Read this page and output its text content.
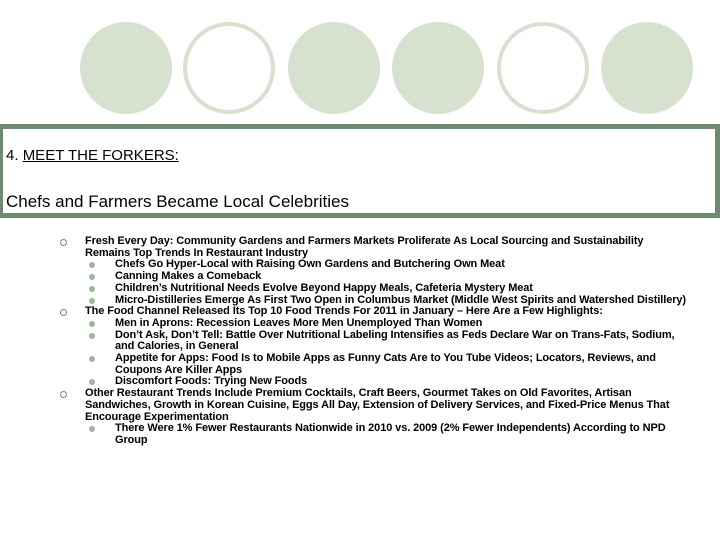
4. MEET THE FORKERS:
Chefs and Farmers Became Local Celebrities
Fresh Every Day: Community Gardens and Farmers Markets Proliferate As Local Sourcing and Sustainability Remains Top Trends In Restaurant Industry
Chefs Go Hyper-Local with Raising Own Gardens and Butchering Own Meat
Canning Makes a Comeback
Children’s Nutritional Needs Evolve Beyond Happy Meals, Cafeteria Mystery Meat
Micro-Distilleries Emerge As First Two Open in Columbus Market (Middle West Spirits and Watershed Distillery)
The Food Channel Released Its Top 10 Food Trends For 2011 in January – Here Are a Few Highlights:
Men in Aprons: Recession Leaves More Men Unemployed Than Women
Don’t Ask, Don’t Tell: Battle Over Nutritional Labeling Intensifies as Feds Declare War on Trans-Fats, Sodium, and Calories, in General
Appetite for Apps: Food Is to Mobile Apps as Funny Cats Are to You Tube Videos; Locators, Reviews, and Coupons Are Killer Apps
Discomfort Foods: Trying New Foods
Other Restaurant Trends Include Premium Cocktails, Craft Beers, Gourmet Takes on Old Favorites, Artisan Sandwiches, Growth in Korean Cuisine, Eggs All Day, Extension of Delivery Services, and Fixed-Price Menus That Encourage Experimentation
There Were 1% Fewer Restaurants Nationwide in 2010 vs. 2009 (2% Fewer Independents) According to NPD Group
